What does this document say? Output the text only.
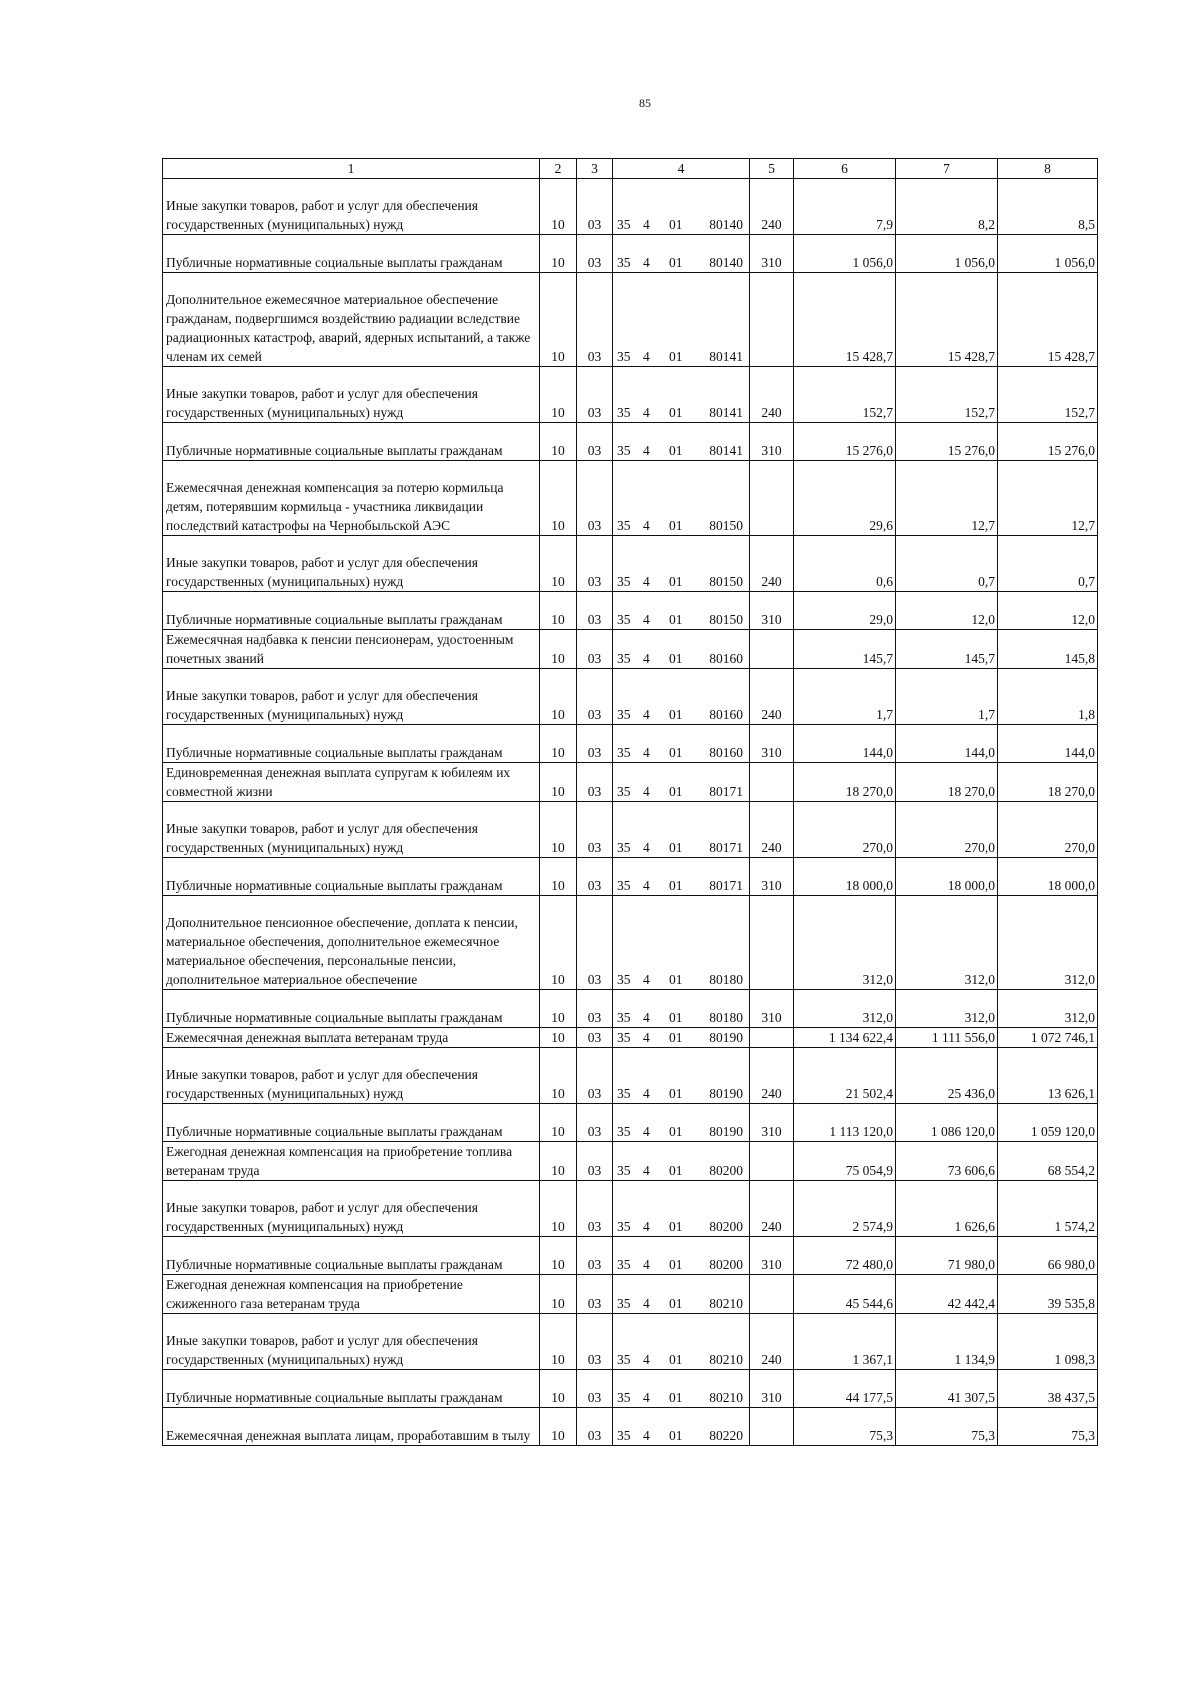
85
1	2	3	4	5	6	7	8
Иные закупки товаров, работ и услуг для обеспечения государственных (муниципальных) нужд	10	03	35 4 01 80140	240	7,9	8,2	8,5
Публичные нормативные социальные выплаты гражданам	10	03	35 4 01 80140	310	1 056,0	1 056,0	1 056,0
Дополнительное ежемесячное материальное обеспечение гражданам, подвергшимся воздействию радиации вследствие радиационных катастроф, аварий, ядерных испытаний, а также членам их семей	10	03	35 4 01 80141		15 428,7	15 428,7	15 428,7
Иные закупки товаров, работ и услуг для обеспечения государственных (муниципальных) нужд	10	03	35 4 01 80141	240	152,7	152,7	152,7
Публичные нормативные социальные выплаты гражданам	10	03	35 4 01 80141	310	15 276,0	15 276,0	15 276,0
Ежемесячная денежная компенсация за потерю кормильца детям, потерявшим кормильца - участника ликвидации последствий катастрофы на Чернобыльской АЭС	10	03	35 4 01 80150		29,6	12,7	12,7
Иные закупки товаров, работ и услуг для обеспечения государственных (муниципальных) нужд	10	03	35 4 01 80150	240	0,6	0,7	0,7
Публичные нормативные социальные выплаты гражданам	10	03	35 4 01 80150	310	29,0	12,0	12,0
Ежемесячная надбавка к пенсии пенсионерам, удостоенным почетных званий	10	03	35 4 01 80160		145,7	145,7	145,8
Иные закупки товаров, работ и услуг для обеспечения государственных (муниципальных) нужд	10	03	35 4 01 80160	240	1,7	1,7	1,8
Публичные нормативные социальные выплаты гражданам	10	03	35 4 01 80160	310	144,0	144,0	144,0
Единовременная денежная выплата супругам к юбилеям их совместной жизни	10	03	35 4 01 80171		18 270,0	18 270,0	18 270,0
Иные закупки товаров, работ и услуг для обеспечения государственных (муниципальных) нужд	10	03	35 4 01 80171	240	270,0	270,0	270,0
Публичные нормативные социальные выплаты гражданам	10	03	35 4 01 80171	310	18 000,0	18 000,0	18 000,0
Дополнительное пенсионное обеспечение, доплата к пенсии, материальное обеспечения, дополнительное ежемесячное материальное обеспечения, персональные пенсии, дополнительное материальное обеспечение	10	03	35 4 01 80180		312,0	312,0	312,0
Публичные нормативные социальные выплаты гражданам	10	03	35 4 01 80180	310	312,0	312,0	312,0
Ежемесячная денежная выплата ветеранам труда	10	03	35 4 01 80190		1 134 622,4	1 111 556,0	1 072 746,1
Иные закупки товаров, работ и услуг для обеспечения государственных (муниципальных) нужд	10	03	35 4 01 80190	240	21 502,4	25 436,0	13 626,1
Публичные нормативные социальные выплаты гражданам	10	03	35 4 01 80190	310	1 113 120,0	1 086 120,0	1 059 120,0
Ежегодная денежная компенсация на приобретение топлива ветеранам труда	10	03	35 4 01 80200		75 054,9	73 606,6	68 554,2
Иные закупки товаров, работ и услуг для обеспечения государственных (муниципальных) нужд	10	03	35 4 01 80200	240	2 574,9	1 626,6	1 574,2
Публичные нормативные социальные выплаты гражданам	10	03	35 4 01 80200	310	72 480,0	71 980,0	66 980,0
Ежегодная денежная компенсация на приобретение сжиженного газа ветеранам труда	10	03	35 4 01 80210		45 544,6	42 442,4	39 535,8
Иные закупки товаров, работ и услуг для обеспечения государственных (муниципальных) нужд	10	03	35 4 01 80210	240	1 367,1	1 134,9	1 098,3
Публичные нормативные социальные выплаты гражданам	10	03	35 4 01 80210	310	44 177,5	41 307,5	38 437,5
Ежемесячная денежная выплата лицам, проработавшим в тылу	10	03	35 4 01 80220		75,3	75,3	75,3
